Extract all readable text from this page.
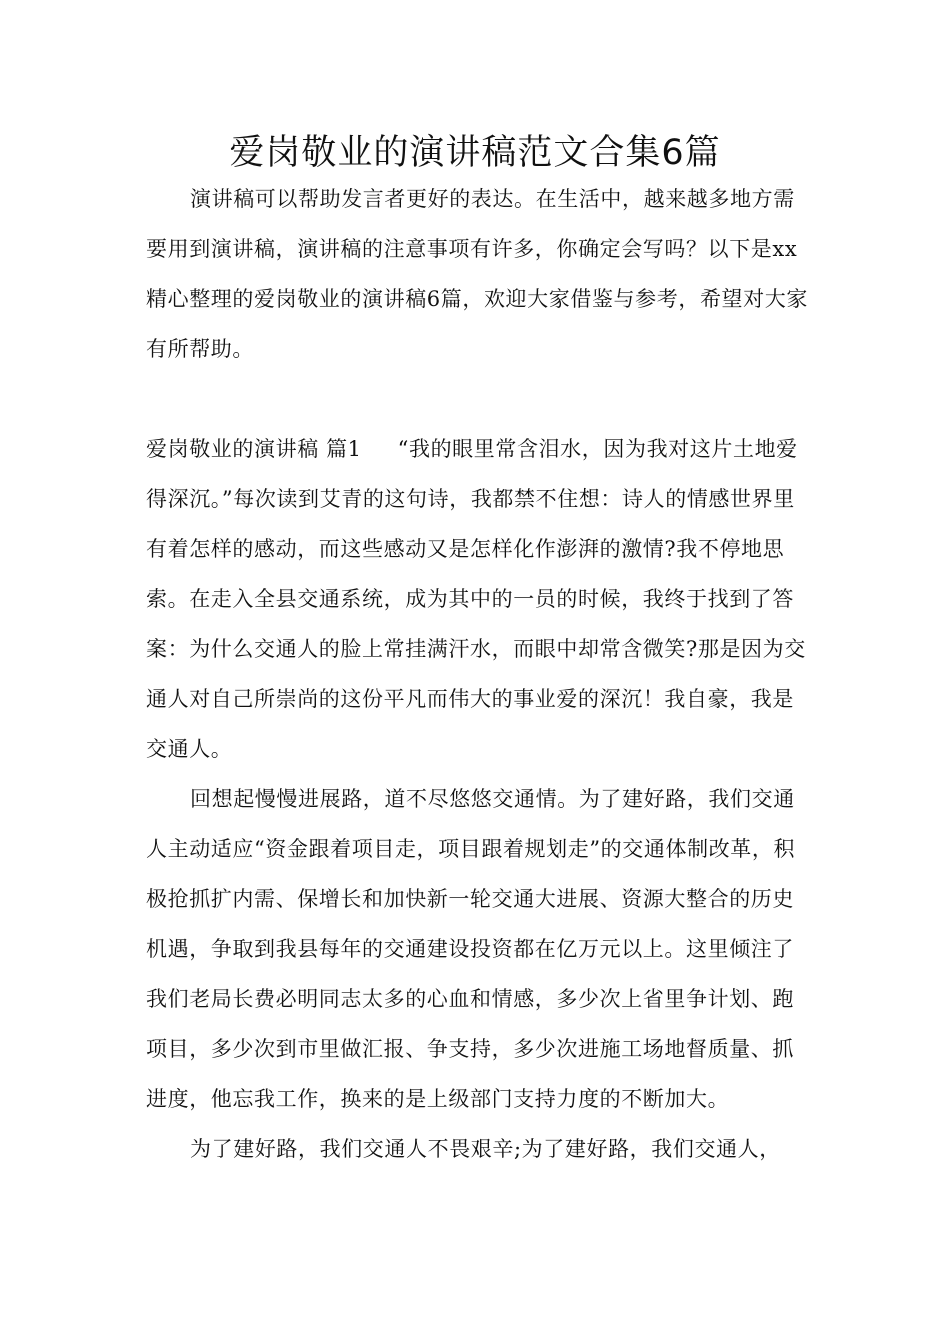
爱岗敬业的演讲稿范文合集6篇

演讲稿可以帮助发言者更好的表达。在生活中，越来越多地方需要用到演讲稿，演讲稿的注意事项有许多，你确定会写吗？以下是xx精心整理的爱岗敬业的演讲稿6篇，欢迎大家借鉴与参考，希望对大家有所帮助。

爱岗敬业的演讲稿 篇1 “我的眼里常含泪水，因为我对这片土地爱得深沉。”每次读到艾青的这句诗，我都禁不住想：诗人的情感世界里有着怎样的感动，而这些感动又是怎样化作澎湃的激情?我不停地思索。在走入全县交通系统，成为其中的一员的时候，我终于找到了答案：为什么交通人的脸上常挂满汗水，而眼中却常含微笑?那是因为交通人对自己所崇尚的这份平凡而伟大的事业爱的深沉！我自豪，我是交通人。

回想起慢慢进展路，道不尽悠悠交通情。为了建好路，我们交通人主动适应“资金跟着项目走，项目跟着规划走”的交通体制改革，积极抢抓扩内需、保增长和加快新一轮交通大进展、资源大整合的历史机遇，争取到我县每年的交通建设投资都在亿万元以上。这里倾注了我们老局长费必明同志太多的心血和情感，多少次上省里争计划、跑项目，多少次到市里做汇报、争支持，多少次进施工场地督质量、抓进度，他忘我工作，换来的是上级部门支持力度的不断加大。

为了建好路，我们交通人不畏艰辛;为了建好路，我们交通人，
